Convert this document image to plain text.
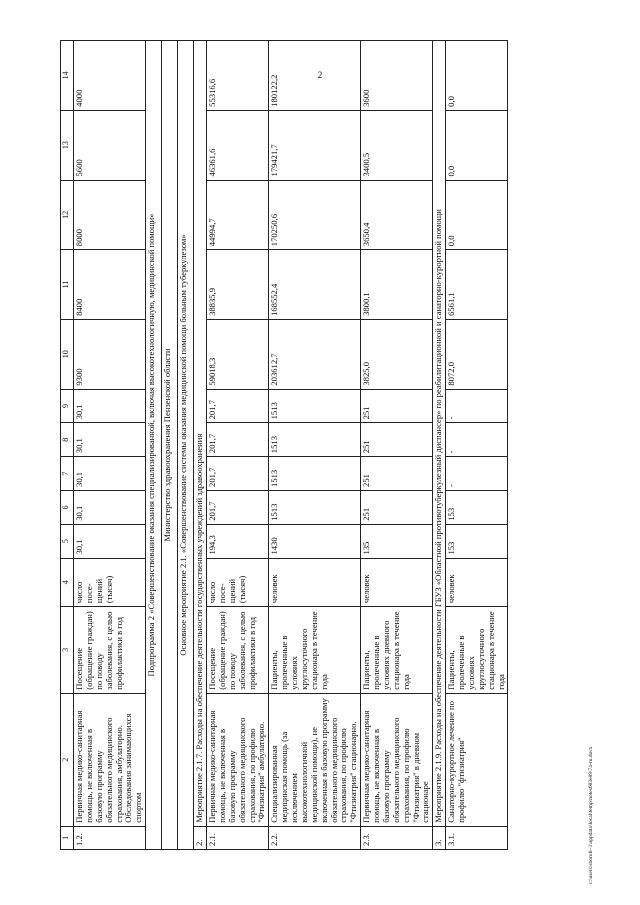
2
1	2	3	4	5	6	7	8	9	10	11	12	13	14
1.2.	Первичная медико-санитарная помощь, не включенная в базовую программу обязательного медицинского страхования, амбулаторно. Обследования занимающихся спортом	Посещение (обращение граждан) по поводу заболевания, с целью профилактики в год	число посе-щений (тысяч)	30,1	30,1	30,1	30,1	30,1	9300	8400	8000	5600	4000
Подпрограмма 2 «Совершенствование оказания специализированной, включая высокотехнологичную, медицинской помощи»													
Министерство здравоохранения Пензенской области													
Основное мероприятие 2.1. «Совершенствование системы оказания медицинской помощи больным туберкулезом»													
2.	Мероприятие 2.1.7. Расходы на обеспечение деятельности государственных учреждений здравоохранения												
2.1.	Первичная медико-санитарная помощь, не включенная в базовую программу обязательного медицинского страхования, по профилю "Фтизиатрия" амбулаторно.	Посещение (обращение граждан) по поводу заболевания, с целью профилактики в год	число посе-щений (тысяч)	194,3	201,7	201,7	201,7	201,7	59018,3	38835,9	44994,7	46361,6	55316,6
2.2.	Специализированная медицинская помощь (за исключением высокотехнологичной медицинской помощи), не включенная в базовую программу обязательного медицинского страхования, по профилю "Фтизиатрия" стационарно.	Пациенты, пролеченные в условиях круглосуточного стационара в течение года	человек	1430	1513	1513	1513	1513	203612,7	168552,4	170250,6	179421,7	180122,2
2.3.	Первичная медико-санитарная помощь, не включенная в базовую программу обязательного медицинского страхования, по профилю "Фтизиатрия" в дневном стационаре	Пациенты, пролеченные в условиях дневного стационара в течение года	человек	135	251	251	251	251	3825,0	3800,1	3650,4	3400,5	3600
3.	Мероприятие 2.1.9. Расходы на обеспечение деятельности ГБУЗ «Областной противотуберкулезный диспансер» по реабилитационной и санаторно-курортной помощи												
3.1.	Санаторно-курортное лечение по профилю "фтизиатрия"	Пациенты, пролеченные в условиях круглосуточного стационара в течение года	человек	153	153	-	-	-	8072,0	6561,1	0,0	0,0	0,0
c:\users\sboroli~1\appdata\local\temp\notes603e89\74-ru.docx
